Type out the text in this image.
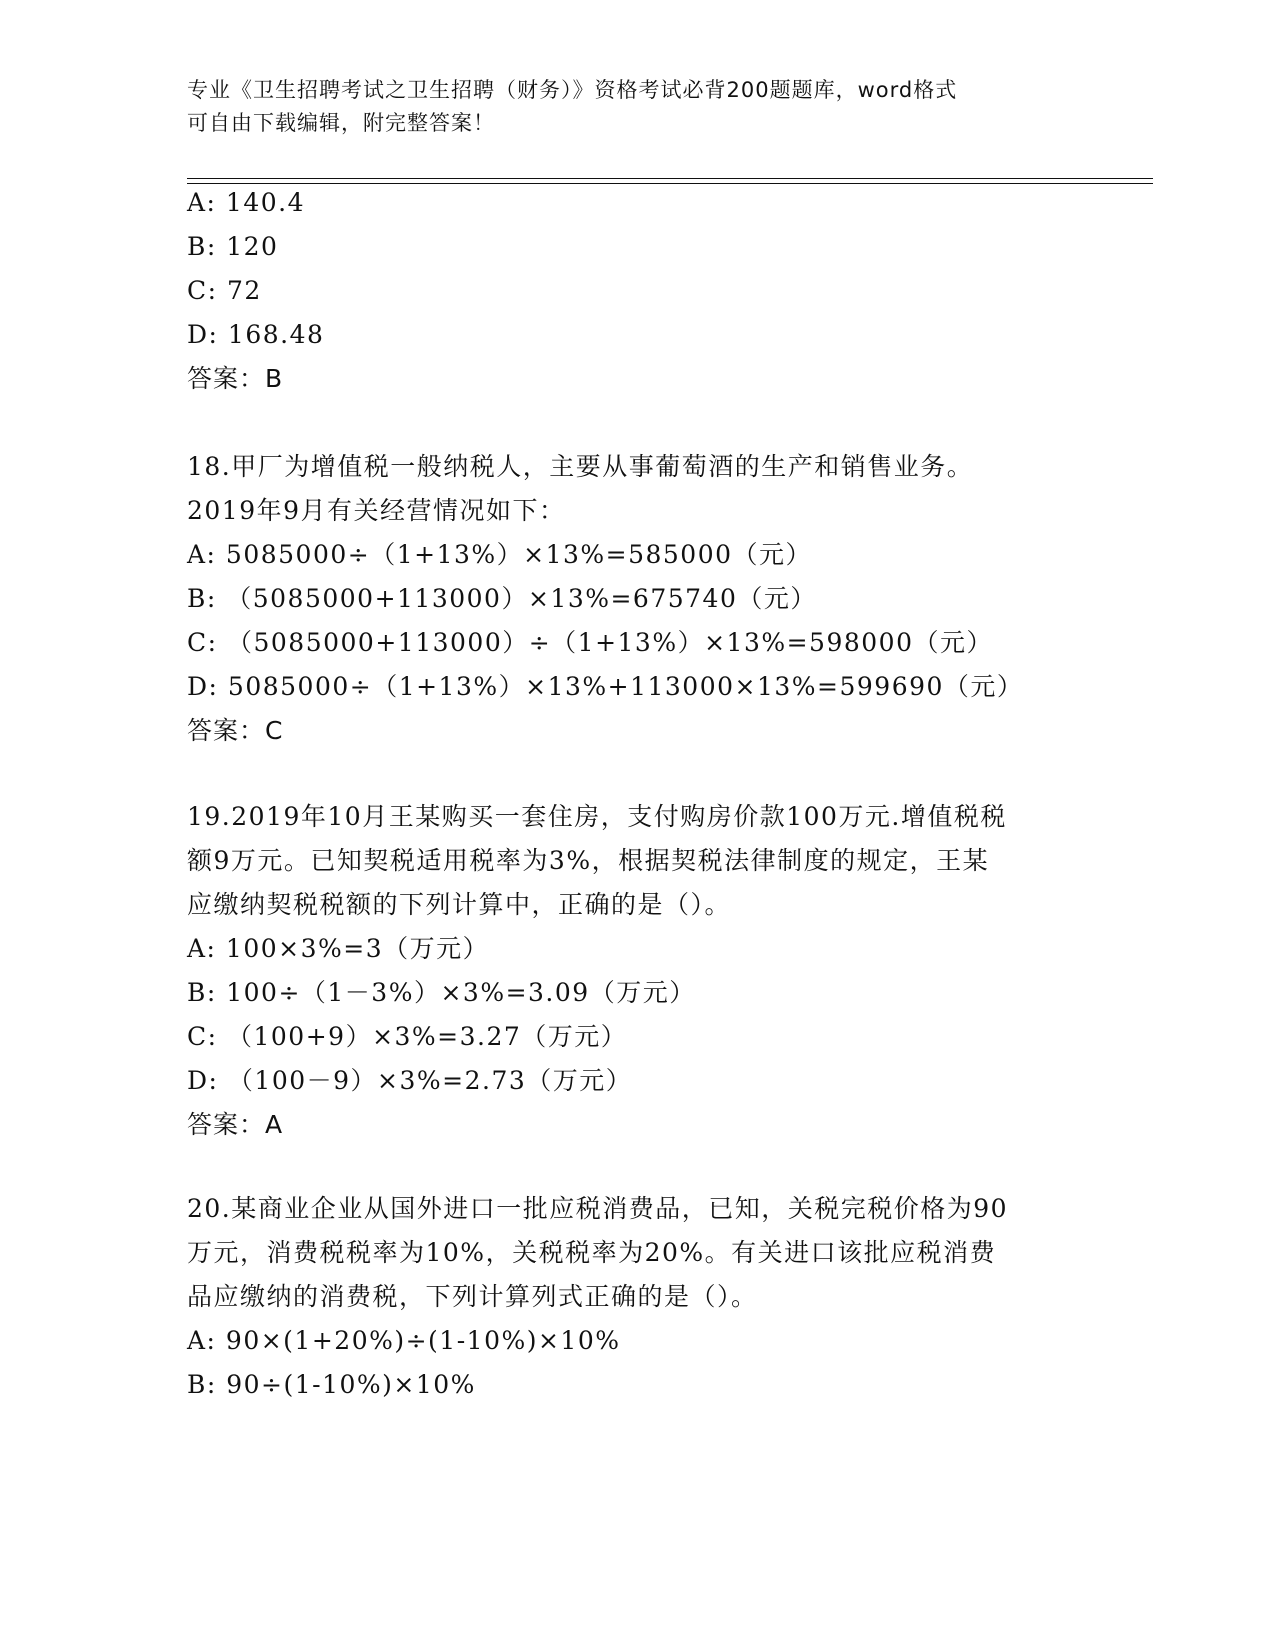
专业《卫生招聘考试之卫生招聘（财务）》资格考试必背200题题库，word格式
可自由下载编辑，附完整答案！
A: 140.4
B: 120
C: 72
D: 168.48
答案：B
18.甲厂为增值税一般纳税人，主要从事葡萄酒的生产和销售业务。
2019年9月有关经营情况如下：
A: 5085000÷（1+13%）×13%=585000（元）
B: （5085000+113000）×13%=675740（元）
C: （5085000+113000）÷（1+13%）×13%=598000（元）
D: 5085000÷（1+13%）×13%+113000×13%=599690（元）
答案：C
19.2019年10月王某购买一套住房，支付购房价款100万元.增值税税
额9万元。已知契税适用税率为3%，根据契税法律制度的规定，王某
应缴纳契税税额的下列计算中，正确的是（）。
A: 100×3%=3（万元）
B: 100÷（1－3%）×3%=3.09（万元）
C: （100+9）×3%=3.27（万元）
D: （100－9）×3%=2.73（万元）
答案：A
20.某商业企业从国外进口一批应税消费品，已知，关税完税价格为90
万元，消费税税率为10%，关税税率为20%。有关进口该批应税消费
品应缴纳的消费税，下列计算列式正确的是（）。
A: 90×(1+20%)÷(1-10%)×10%
B: 90÷(1-10%)×10%
